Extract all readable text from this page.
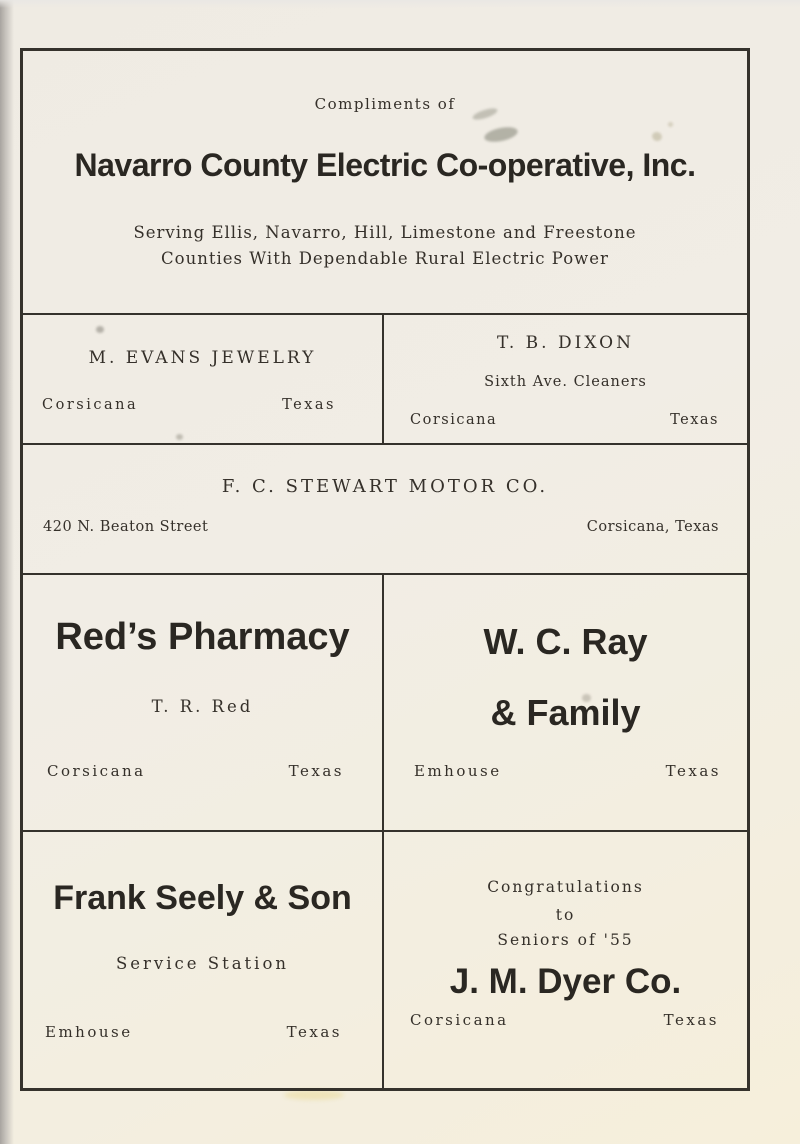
Compliments of
Navarro County Electric Co-operative, Inc.
Serving Ellis, Navarro, Hill, Limestone and Freestone
Counties With Dependable Rural Electric Power
M. EVANS JEWELRY
Corsicana	Texas
T. B. DIXON
Sixth Ave. Cleaners
Corsicana	Texas
F. C. STEWART MOTOR CO.
420 N. Beaton Street	Corsicana, Texas
Red’s Pharmacy
T. R. Red
Corsicana	Texas
W. C. Ray
& Family
Emhouse	Texas
Frank Seely & Son
Service Station
Emhouse	Texas
Congratulations
to
Seniors of '55
J. M. Dyer Co.
Corsicana	Texas
